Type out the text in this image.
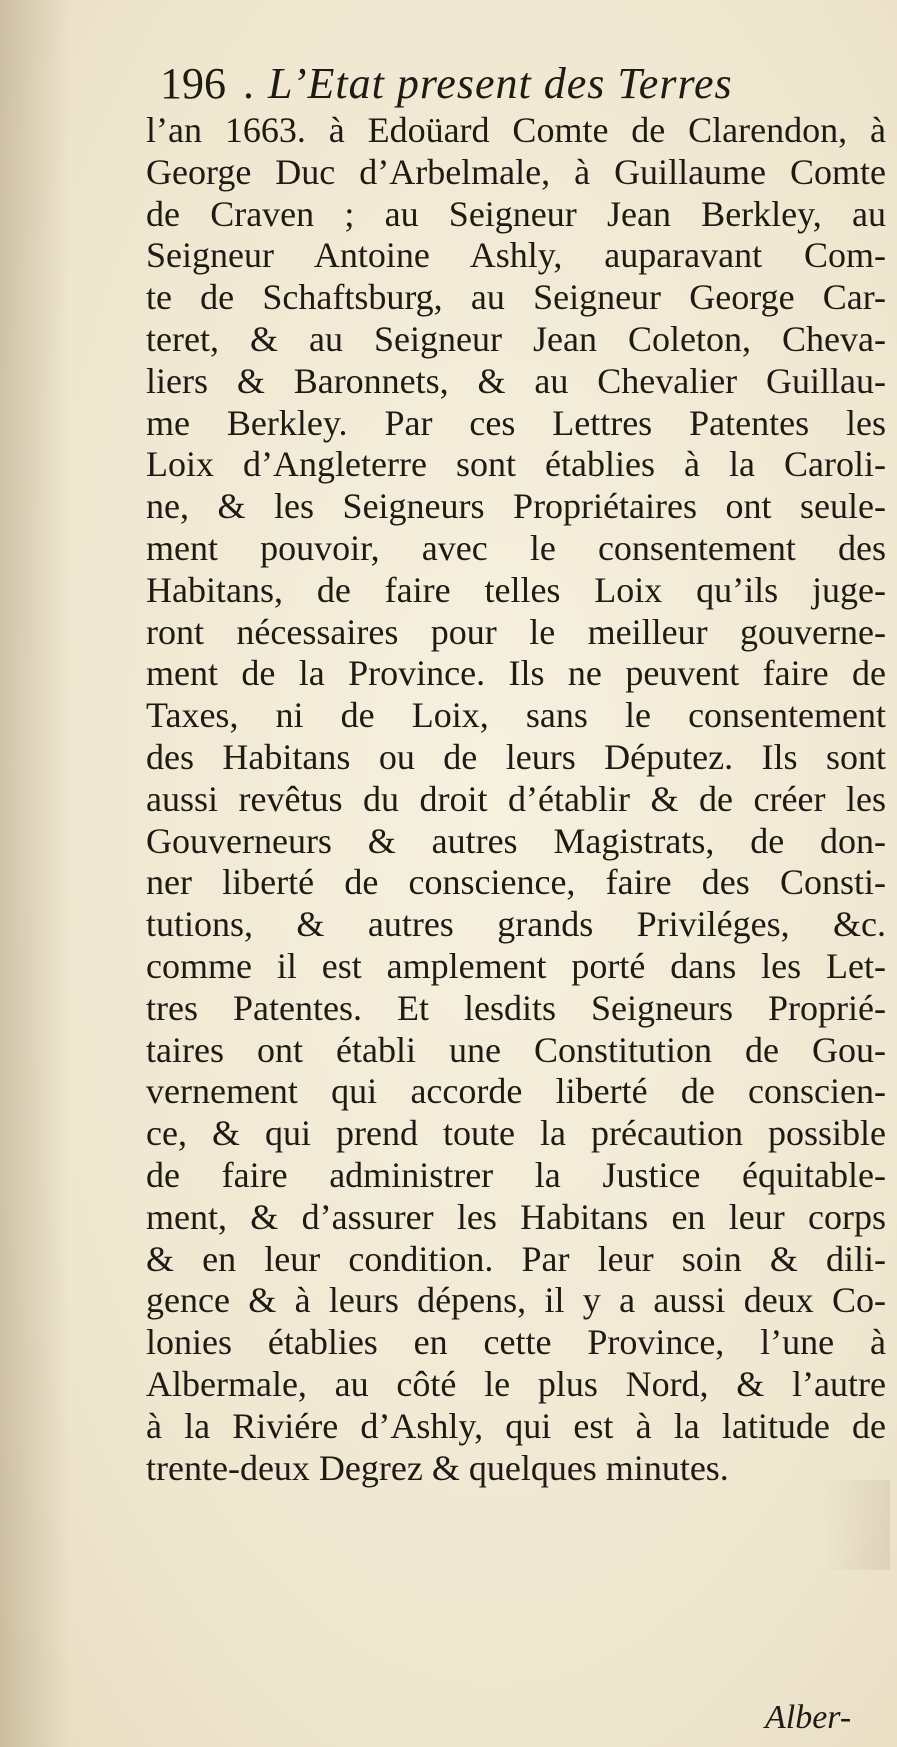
196 . L’Etat present des Terres
l’an 1663. à Edoüard Comte de Clarendon, à
George Duc d’Arbelmale, à Guillaume Comte
de Craven ; au Seigneur Jean Berkley, au
Seigneur Antoine Ashly, auparavant Com-
te de Schaftsburg, au Seigneur George Car-
teret, & au Seigneur Jean Coleton, Cheva-
liers & Baronnets, & au Chevalier Guillau-
me Berkley. Par ces Lettres Patentes les
Loix d’Angleterre sont établies à la Caroli-
ne, & les Seigneurs Propriétaires ont seule-
ment pouvoir, avec le consentement des
Habitans, de faire telles Loix qu’ils juge-
ront nécessaires pour le meilleur gouverne-
ment de la Province. Ils ne peuvent faire de
Taxes, ni de Loix, sans le consentement
des Habitans ou de leurs Députez. Ils sont
aussi revêtus du droit d’établir & de créer les
Gouverneurs & autres Magistrats, de don-
ner liberté de conscience, faire des Consti-
tutions, & autres grands Priviléges, &c.
comme il est amplement porté dans les Let-
tres Patentes. Et lesdits Seigneurs Proprié-
taires ont établi une Constitution de Gou-
vernement qui accorde liberté de conscien-
ce, & qui prend toute la précaution possible
de faire administrer la Justice équitable-
ment, & d’assurer les Habitans en leur corps
& en leur condition. Par leur soin & dili-
gence & à leurs dépens, il y a aussi deux Co-
lonies établies en cette Province, l’une à
Albermale, au côté le plus Nord, & l’autre
à la Riviére d’Ashly, qui est à la latitude de
trente-deux Degrez & quelques minutes.
Alber-
